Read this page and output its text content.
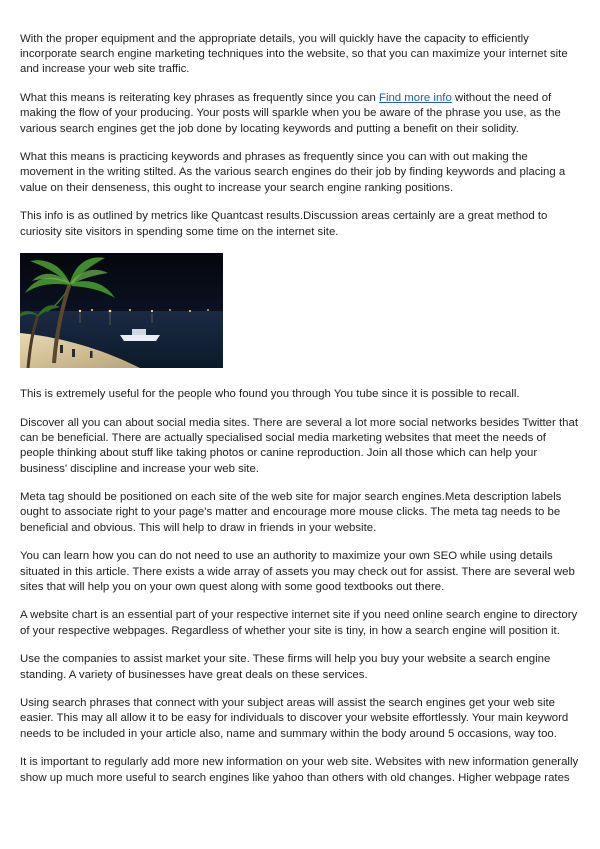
With the proper equipment and the appropriate details, you will quickly have the capacity to efficiently incorporate search engine marketing techniques into the website, so that you can maximize your internet site and increase your web site traffic.

What this means is reiterating key phrases as frequently since you can Find more info without the need of making the flow of your producing. Your posts will sparkle when you be aware of the phrase you use, as the various search engines get the job done by locating keywords and putting a benefit on their solidity.

What this means is practicing keywords and phrases as frequently since you can with out making the movement in the writing stilted. As the various search engines do their job by finding keywords and placing a value on their denseness, this ought to increase your search engine ranking positions.

This info is as outlined by metrics like Quantcast results.Discussion areas certainly are a great method to curiosity site visitors in spending some time on the internet site.

This is extremely useful for the people who found you through You tube since it is possible to recall.

Discover all you can about social media sites. There are several a lot more social networks besides Twitter that can be beneficial. There are actually specialised social media marketing websites that meet the needs of people thinking about stuff like taking photos or canine reproduction. Join all those which can help your business' discipline and increase your web site.

Meta tag should be positioned on each site of the web site for major search engines.Meta description labels ought to associate right to your page's matter and encourage more mouse clicks. The meta tag needs to be beneficial and obvious. This will help to draw in friends in your website.

You can learn how you can do not need to use an authority to maximize your own SEO while using details situated in this article. There exists a wide array of assets you may check out for assist. There are several web sites that will help you on your own quest along with some good textbooks out there.

A website chart is an essential part of your respective internet site if you need online search engine to directory of your respective webpages. Regardless of whether your site is tiny, in how a search engine will position it.

Use the companies to assist market your site. These firms will help you buy your website a search engine standing. A variety of businesses have great deals on these services.

Using search phrases that connect with your subject areas will assist the search engines get your web site easier. This may all allow it to be easy for individuals to discover your website effortlessly. Your main keyword needs to be included in your article also, name and summary within the body around 5 occasions, way too.

It is important to regularly add more new information on your web site. Websites with new information generally show up much more useful to search engines like yahoo than others with old changes. Higher webpage rates
